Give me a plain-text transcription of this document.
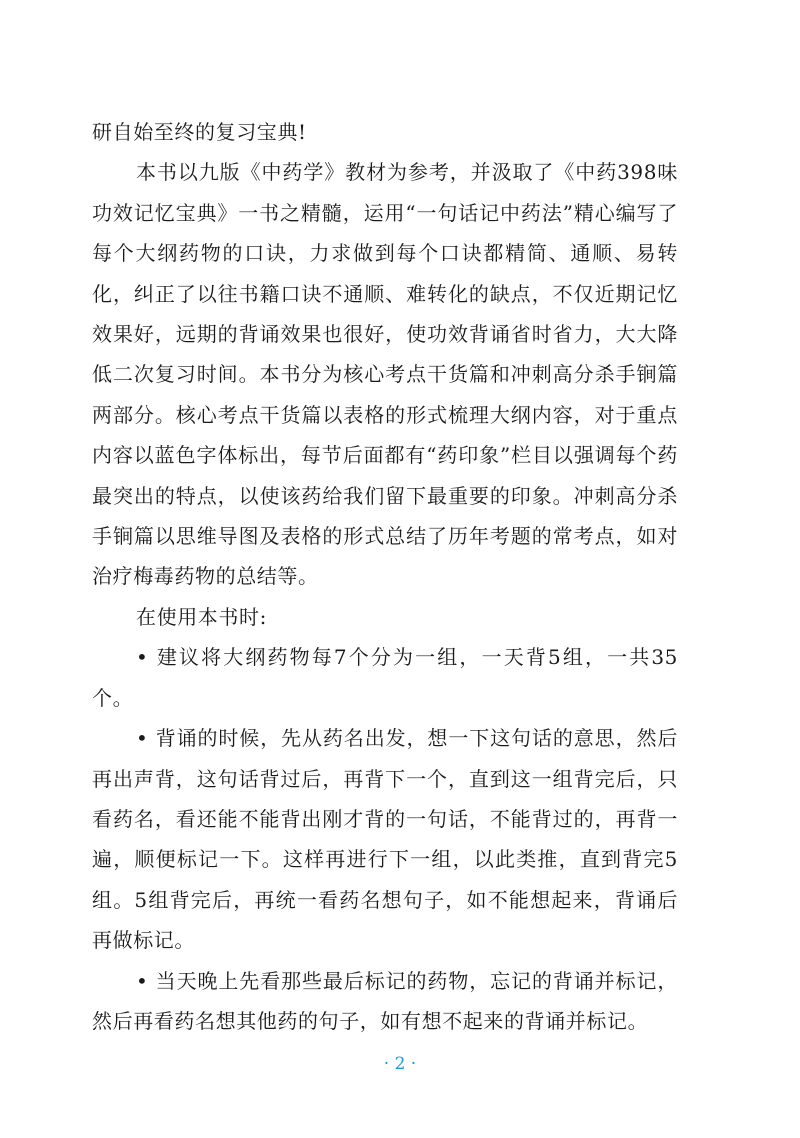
研自始至终的复习宝典!

本书以九版《中药学》教材为参考，并汲取了《中药398味功效记忆宝典》一书之精髓，运用“一句话记中药法”精心编写了每个大纲药物的口诀，力求做到每个口诀都精简、通顺、易转化，纠正了以往书籍口诀不通顺、难转化的缺点，不仅近期记忆效果好，远期的背诵效果也很好，使功效背诵省时省力，大大降低二次复习时间。本书分为核心考点干货篇和冲刺高分杀手锏篇两部分。核心考点干货篇以表格的形式梳理大纲内容，对于重点内容以蓝色字体标出，每节后面都有“药印象”栏目以强调每个药最突出的特点，以使该药给我们留下最重要的印象。冲刺高分杀手锏篇以思维导图及表格的形式总结了历年考题的常考点，如对治疗梅毒药物的总结等。

在使用本书时:

• 建议将大纲药物每7个分为一组，一天背5组，一共35个。

• 背诵的时候，先从药名出发，想一下这句话的意思，然后再出声背，这句话背过后，再背下一个，直到这一组背完后，只看药名，看还能不能背出刚才背的一句话，不能背过的，再背一遍，顺便标记一下。这样再进行下一组，以此类推，直到背完5组。5组背完后，再统一看药名想句子，如不能想起来，背诵后再做标记。

• 当天晚上先看那些最后标记的药物，忘记的背诵并标记，然后再看药名想其他药的句子，如有想不起来的背诵并标记。

· 2 ·
